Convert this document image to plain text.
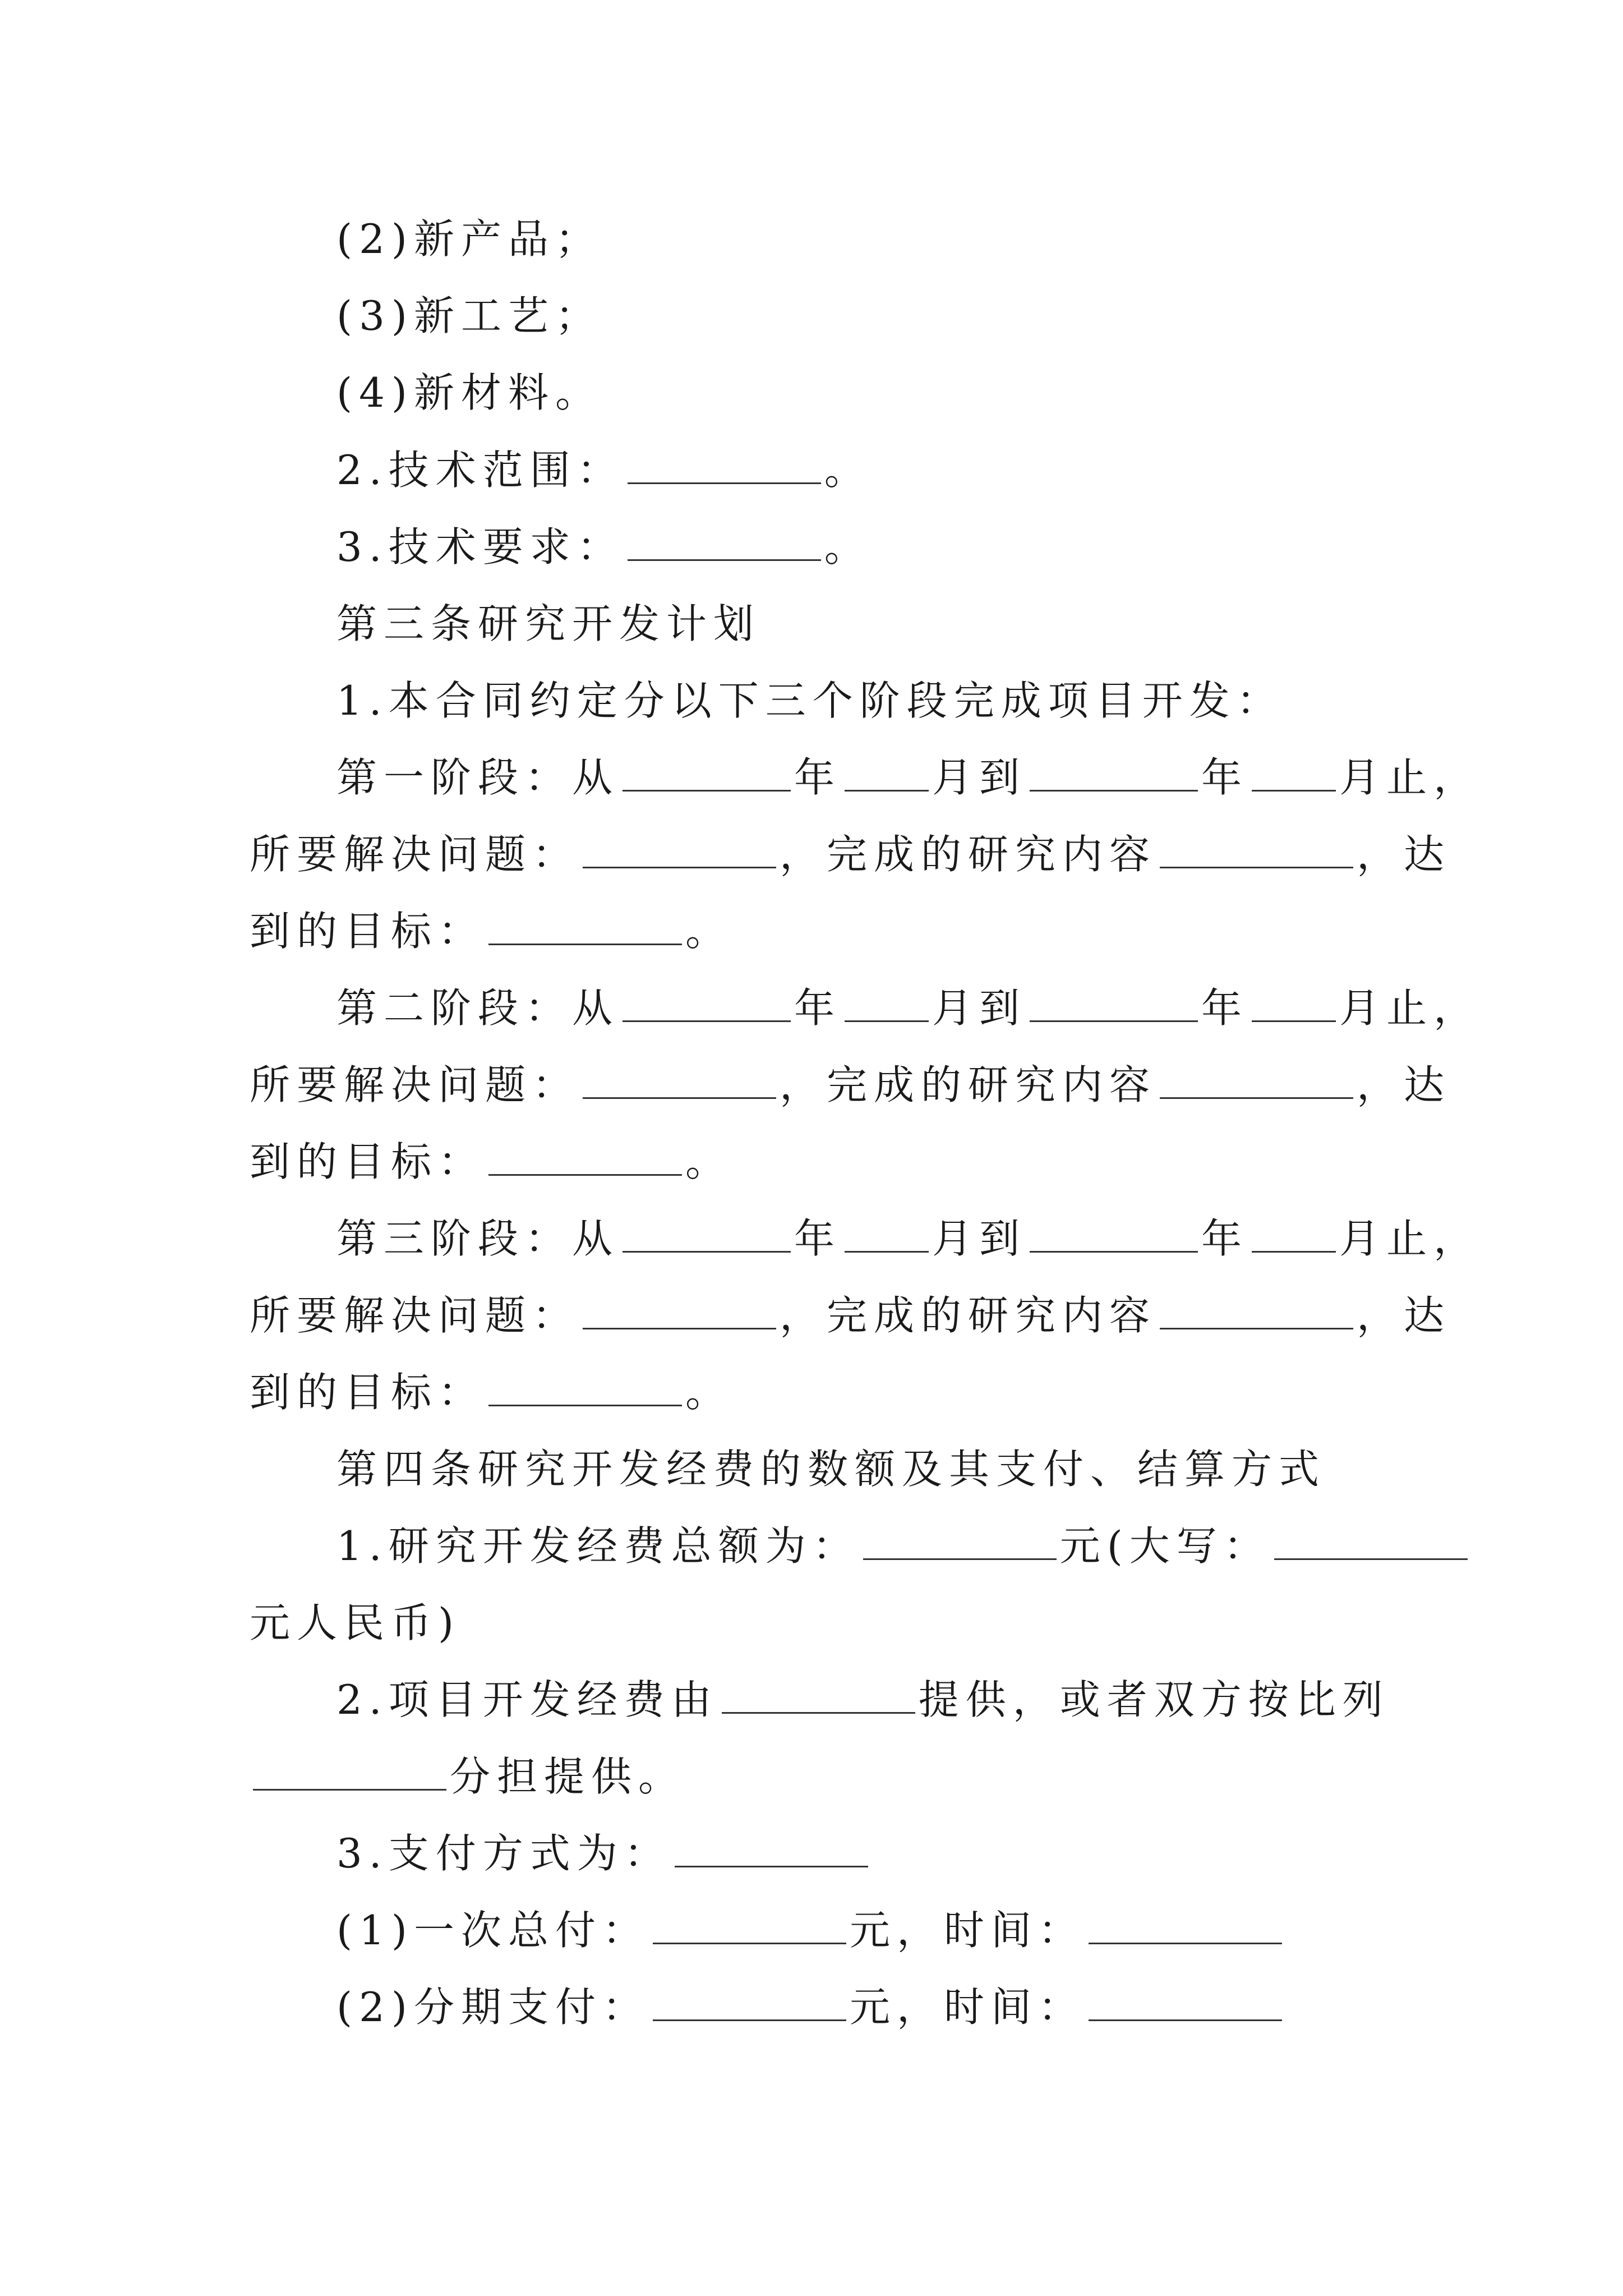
(2)新产品；
(3)新工艺；
(4)新材料。
2.技术范围：	。
3.技术要求：	。
第三条研究开发计划
1.本合同约定分以下三个阶段完成项目开发：
第一阶段：从	年 月到	年 月止，
所要解决问题：	，完成的研究内容	，达
到的目标：	。
第二阶段：从	年 月到	年 月止，
所要解决问题：	，完成的研究内容	，达
到的目标：	。
第三阶段：从	年 月到	年 月止，
所要解决问题：	，完成的研究内容	，达
到的目标：	。
第四条研究开发经费的数额及其支付、结算方式
1.研究开发经费总额为：	元(大写：
元人民币)
2.项目开发经费由	提供，或者双方按比列
分担提供。
3.支付方式为：
(1)一次总付：	元，时间：
(2)分期支付：	元，时间：
